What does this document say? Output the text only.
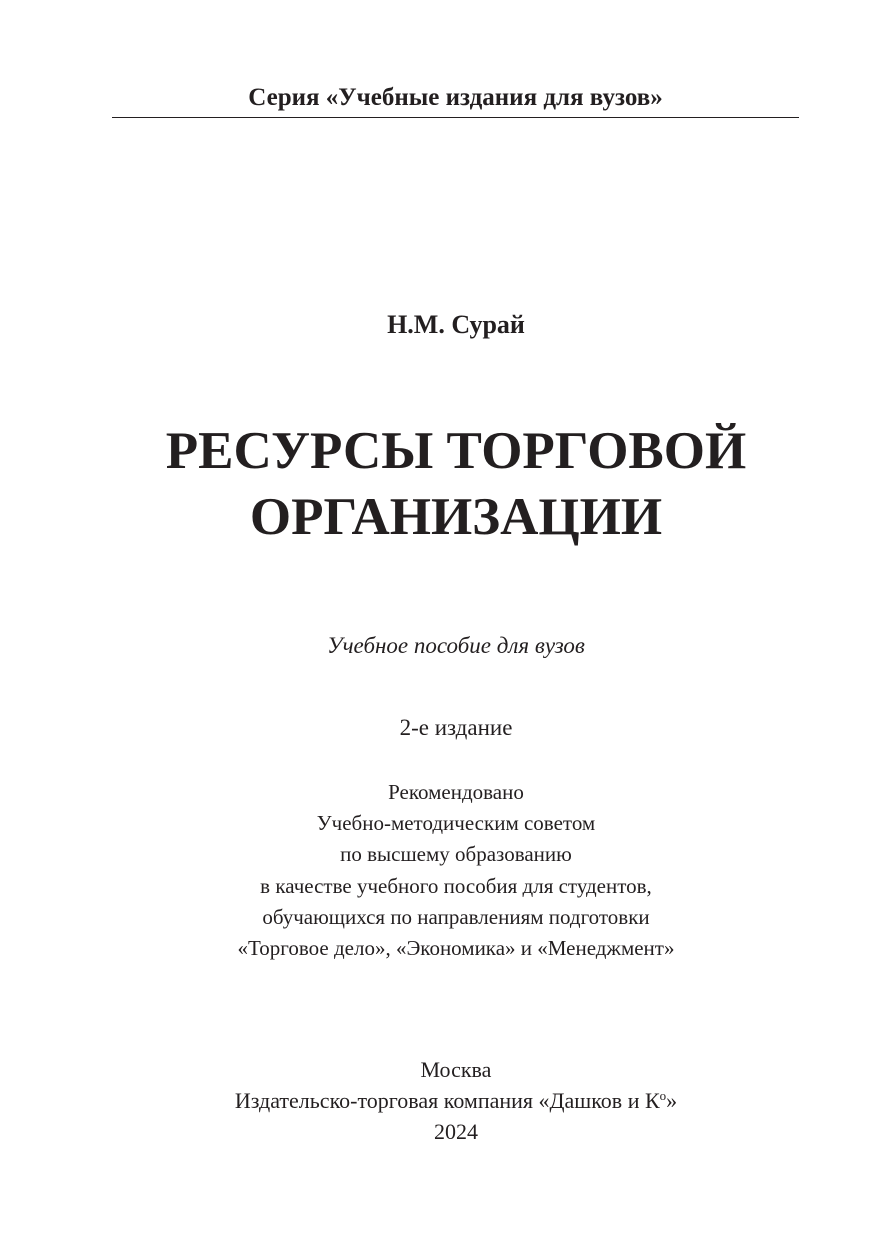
Серия «Учебные издания для вузов»
Н.М. Сурай
РЕСУРСЫ ТОРГОВОЙ
ОРГАНИЗАЦИИ
Учебное пособие для вузов
2-е издание
Рекомендовано
Учебно-методическим советом
по высшему образованию
в качестве учебного пособия для студентов,
обучающихся по направлениям подготовки
«Торговое дело», «Экономика» и «Менеджмент»
Москва
Издательско-торговая компания «Дашков и $К^о$»
2024
